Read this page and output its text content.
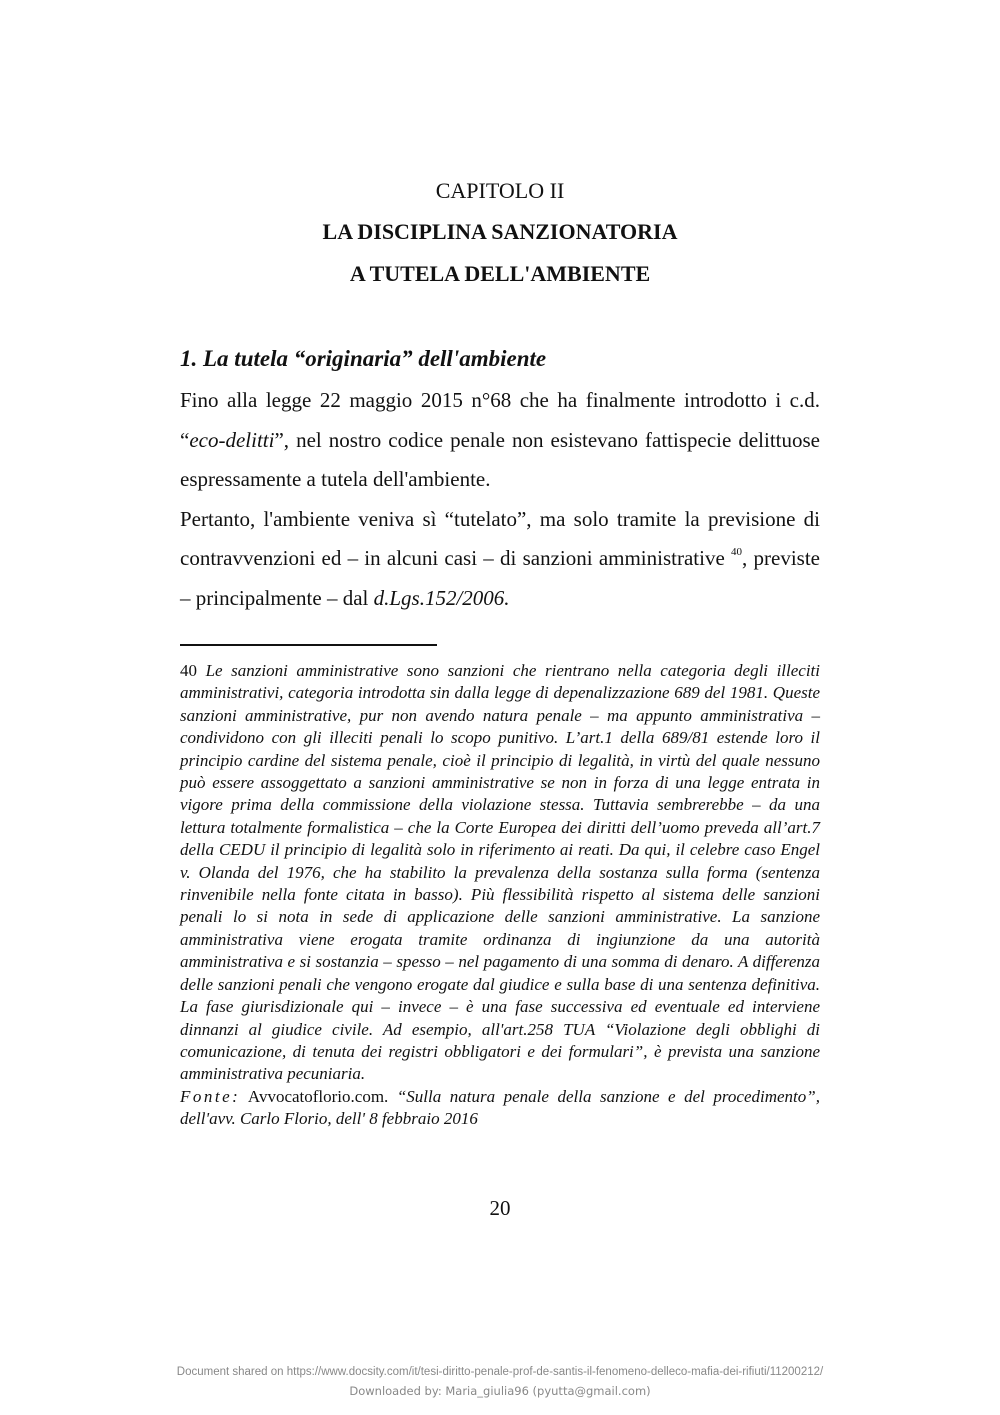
CAPITOLO II
LA DISCIPLINA SANZIONATORIA
A TUTELA DELL'AMBIENTE
1. La tutela “originaria” dell'ambiente

Fino alla legge 22 maggio 2015 n°68 che ha finalmente introdotto i c.d. “eco-delitti”, nel nostro codice penale non esistevano fattispecie delittuose espressamente a tutela dell'ambiente.

Pertanto, l'ambiente veniva sì “tutelato”, ma solo tramite la previsione di contravvenzioni ed – in alcuni casi – di sanzioni amministrative $^{40}$, previste – principalmente – dal d.Lgs.152/2006.

40 Le sanzioni amministrative sono sanzioni che rientrano nella categoria degli illeciti amministrativi, categoria introdotta sin dalla legge di depenalizzazione 689 del 1981. Queste sanzioni amministrative, pur non avendo natura penale – ma appunto amministrativa – condividono con gli illeciti penali lo scopo punitivo. L’art.1 della 689/81 estende loro il principio cardine del sistema penale, cioè il principio di legalità, in virtù del quale nessuno può essere assoggettato a sanzioni amministrative se non in forza di una legge entrata in vigore prima della commissione della violazione stessa. Tuttavia sembrerebbe – da una lettura totalmente formalistica – che la Corte Europea dei diritti dell’uomo preveda all’art.7 della CEDU il principio di legalità solo in riferimento ai reati. Da qui, il celebre caso Engel v. Olanda del 1976, che ha stabilito la prevalenza della sostanza sulla forma (sentenza rinvenibile nella fonte citata in basso). Più flessibilità rispetto al sistema delle sanzioni penali lo si nota in sede di applicazione delle sanzioni amministrative. La sanzione amministrativa viene erogata tramite ordinanza di ingiunzione da una autorità amministrativa e si sostanzia – spesso – nel pagamento di una somma di denaro. A differenza delle sanzioni penali che vengono erogate dal giudice e sulla base di una sentenza definitiva. La fase giurisdizionale qui – invece – è una fase successiva ed eventuale ed interviene dinnanzi al giudice civile. Ad esempio, all'art.258 TUA “Violazione degli obblighi di comunicazione, di tenuta dei registri obbligatori e dei formulari”, è prevista una sanzione amministrativa pecuniaria.

Fonte: Avvocatoflorio.com. “Sulla natura penale della sanzione e del procedimento”, dell'avv. Carlo Florio, dell' 8 febbraio 2016

20
Document shared on https://www.docsity.com/it/tesi-diritto-penale-prof-de-santis-il-fenomeno-delleco-mafia-dei-rifiuti/11200212/
Downloaded by: Maria_giulia96 (pyutta@gmail.com)
